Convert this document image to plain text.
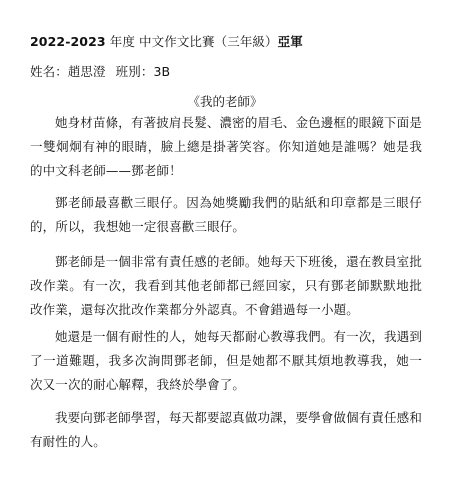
2022-2023 年度 中文作文比賽（三年級）亞軍
姓名：趙思澄 班別：3B
《我的老師》

她身材苗條，有著披肩長髮、濃密的眉毛、金色邊框的眼鏡下面是一雙炯炯有神的眼睛，臉上總是掛著笑容。你知道她是誰嗎？她是我的中文科老師——鄧老師！

鄧老師最喜歡三眼仔。因為她獎勵我們的貼紙和印章都是三眼仔的，所以，我想她一定很喜歡三眼仔。

鄧老師是一個非常有責任感的老師。她每天下班後，還在教員室批改作業。有一次，我看到其他老師都已經回家，只有鄧老師默默地批改作業，還每次批改作業都分外認真。不會錯過每一小題。

她還是一個有耐性的人，她每天都耐心教導我們。有一次，我遇到了一道難題，我多次詢問鄧老師，但是她都不厭其煩地教導我，她一次又一次的耐心解釋，我終於學會了。

我要向鄧老師學習，每天都要認真做功課，要學會做個有責任感和有耐性的人。
